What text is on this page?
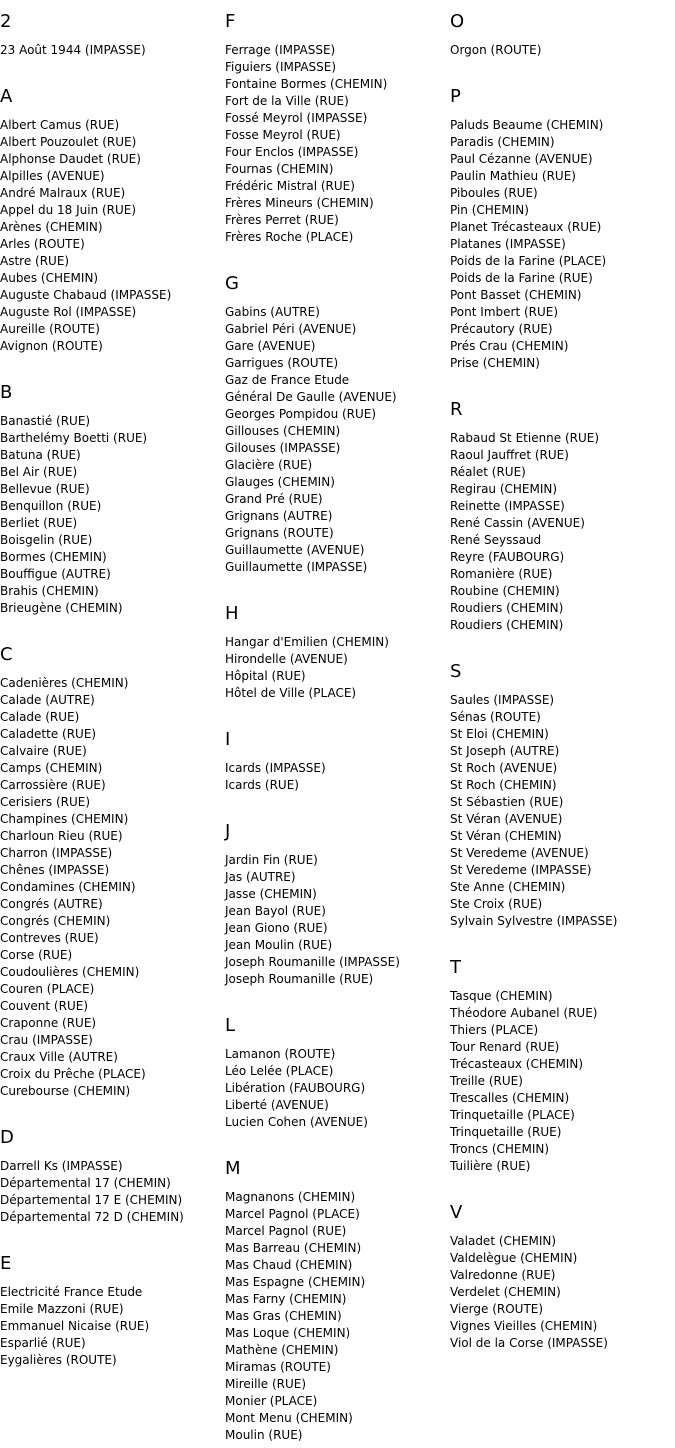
2
23 Août 1944 (IMPASSE)
A
Albert Camus (RUE)
Albert Pouzoulet (RUE)
Alphonse Daudet (RUE)
Alpilles (AVENUE)
André Malraux (RUE)
Appel du 18 Juin (RUE)
Arènes (CHEMIN)
Arles (ROUTE)
Astre (RUE)
Aubes (CHEMIN)
Auguste Chabaud (IMPASSE)
Auguste Rol (IMPASSE)
Aureille (ROUTE)
Avignon (ROUTE)
B
Banastié (RUE)
Barthelémy Boetti (RUE)
Batuna (RUE)
Bel Air (RUE)
Bellevue (RUE)
Benquillon (RUE)
Berliet (RUE)
Boisgelin (RUE)
Bormes (CHEMIN)
Bouffigue (AUTRE)
Brahis (CHEMIN)
Brieugène (CHEMIN)
C
Cadenières (CHEMIN)
Calade (AUTRE)
Calade (RUE)
Caladette (RUE)
Calvaire (RUE)
Camps (CHEMIN)
Carrossière (RUE)
Cerisiers (RUE)
Champines (CHEMIN)
Charloun Rieu (RUE)
Charron (IMPASSE)
Chênes (IMPASSE)
Condamines (CHEMIN)
Congrés (AUTRE)
Congrés (CHEMIN)
Contreves (RUE)
Corse (RUE)
Coudoulières (CHEMIN)
Couren (PLACE)
Couvent (RUE)
Craponne (RUE)
Crau (IMPASSE)
Craux Ville (AUTRE)
Croix du Prêche (PLACE)
Curebourse (CHEMIN)
D
Darrell Ks (IMPASSE)
Départemental 17 (CHEMIN)
Départemental 17 E (CHEMIN)
Départemental 72 D (CHEMIN)
E
Electricité France Etude
Emile Mazzoni (RUE)
Emmanuel Nicaise (RUE)
Esparlié (RUE)
Eygalières (ROUTE)
F
Ferrage (IMPASSE)
Figuiers (IMPASSE)
Fontaine Bormes (CHEMIN)
Fort de la Ville (RUE)
Fossé Meyrol (IMPASSE)
Fosse Meyrol (RUE)
Four Enclos (IMPASSE)
Fournas (CHEMIN)
Frédéric Mistral (RUE)
Frères Mineurs (CHEMIN)
Frères Perret (RUE)
Frères Roche (PLACE)
G
Gabins (AUTRE)
Gabriel Péri (AVENUE)
Gare (AVENUE)
Garrigues (ROUTE)
Gaz de France Etude
Général De Gaulle (AVENUE)
Georges Pompidou (RUE)
Gillouses (CHEMIN)
Gilouses (IMPASSE)
Glacière (RUE)
Glauges (CHEMIN)
Grand Pré (RUE)
Grignans (AUTRE)
Grignans (ROUTE)
Guillaumette (AVENUE)
Guillaumette (IMPASSE)
H
Hangar d'Emilien (CHEMIN)
Hirondelle (AVENUE)
Hôpital (RUE)
Hôtel de Ville (PLACE)
I
Icards (IMPASSE)
Icards (RUE)
J
Jardin Fin (RUE)
Jas (AUTRE)
Jasse (CHEMIN)
Jean Bayol (RUE)
Jean Giono (RUE)
Jean Moulin (RUE)
Joseph Roumanille (IMPASSE)
Joseph Roumanille (RUE)
L
Lamanon (ROUTE)
Léo Lelée (PLACE)
Libération (FAUBOURG)
Liberté (AVENUE)
Lucien Cohen (AVENUE)
M
Magnanons (CHEMIN)
Marcel Pagnol (PLACE)
Marcel Pagnol (RUE)
Mas Barreau (CHEMIN)
Mas Chaud (CHEMIN)
Mas Espagne (CHEMIN)
Mas Farny (CHEMIN)
Mas Gras (CHEMIN)
Mas Loque (CHEMIN)
Mathène (CHEMIN)
Miramas (ROUTE)
Mireille (RUE)
Monier (PLACE)
Mont Menu (CHEMIN)
Moulin (RUE)
O
Orgon (ROUTE)
P
Paluds Beaume (CHEMIN)
Paradis (CHEMIN)
Paul Cézanne (AVENUE)
Paulin Mathieu (RUE)
Piboules (RUE)
Pin (CHEMIN)
Planet Trécasteaux (RUE)
Platanes (IMPASSE)
Poids de la Farine (PLACE)
Poids de la Farine (RUE)
Pont Basset (CHEMIN)
Pont Imbert (RUE)
Précautory (RUE)
Prés Crau (CHEMIN)
Prise (CHEMIN)
R
Rabaud St Etienne (RUE)
Raoul Jauffret (RUE)
Réalet (RUE)
Regirau (CHEMIN)
Reinette (IMPASSE)
René Cassin (AVENUE)
René Seyssaud
Reyre (FAUBOURG)
Romanière (RUE)
Roubine (CHEMIN)
Roudiers (CHEMIN)
Roudiers (CHEMIN)
S
Saules (IMPASSE)
Sénas (ROUTE)
St Eloi (CHEMIN)
St Joseph (AUTRE)
St Roch (AVENUE)
St Roch (CHEMIN)
St Sébastien (RUE)
St Véran (AVENUE)
St Véran (CHEMIN)
St Veredeme (AVENUE)
St Veredeme (IMPASSE)
Ste Anne (CHEMIN)
Ste Croix (RUE)
Sylvain Sylvestre (IMPASSE)
T
Tasque (CHEMIN)
Théodore Aubanel (RUE)
Thiers (PLACE)
Tour Renard (RUE)
Trécasteaux (CHEMIN)
Treille (RUE)
Trescalles (CHEMIN)
Trinquetaille (PLACE)
Trinquetaille (RUE)
Troncs (CHEMIN)
Tuilière (RUE)
V
Valadet (CHEMIN)
Valdelègue (CHEMIN)
Valredonne (RUE)
Verdelet (CHEMIN)
Vierge (ROUTE)
Vignes Vieilles (CHEMIN)
Viol de la Corse (IMPASSE)
